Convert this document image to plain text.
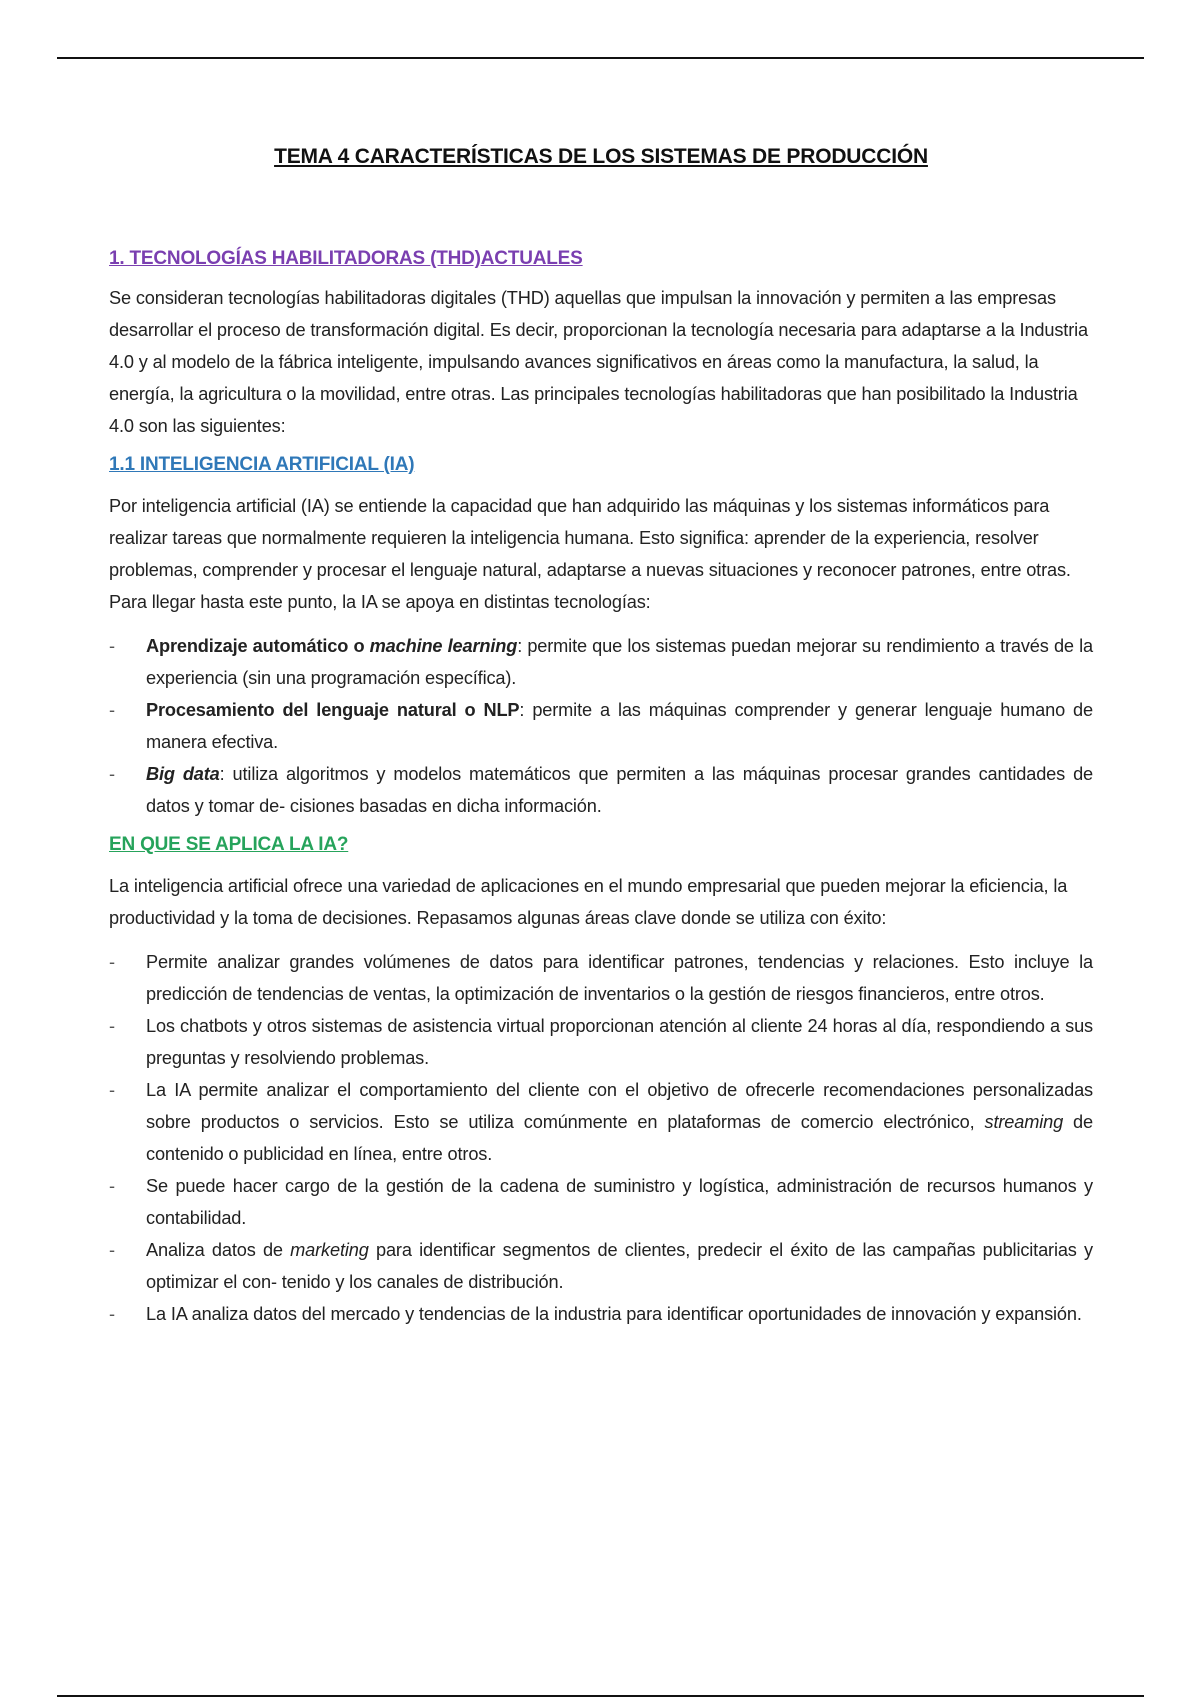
TEMA 4 CARACTERÍSTICAS DE LOS SISTEMAS DE PRODUCCIÓN
1. TECNOLOGÍAS HABILITADORAS (THD)ACTUALES

Se consideran tecnologías habilitadoras digitales (THD) aquellas que impulsan la innovación y permiten a las empresas desarrollar el proceso de transformación digital. Es decir, proporcionan la tecnología necesaria para adaptarse a la Industria 4.0 y al modelo de la fábrica inteligente, impulsando avances significativos en áreas como la manufactura, la salud, la energía, la agricultura o la movilidad, entre otras. Las principales tecnologías habilitadoras que han posibilitado la Industria 4.0 son las siguientes:

1.1 INTELIGENCIA ARTIFICIAL (IA)

Por inteligencia artificial (IA) se entiende la capacidad que han adquirido las máquinas y los sistemas informáticos para realizar tareas que normalmente requieren la inteligencia humana. Esto significa: aprender de la experiencia, resolver problemas, comprender y procesar el lenguaje natural, adaptarse a nuevas situaciones y reconocer patrones, entre otras. Para llegar hasta este punto, la IA se apoya en distintas tecnologías:

- Aprendizaje automático o machine learning: permite que los sistemas puedan mejorar su rendimiento a través de la experiencia (sin una programación específica).
- Procesamiento del lenguaje natural o NLP: permite a las máquinas comprender y generar lenguaje humano de manera efectiva.
- Big data: utiliza algoritmos y modelos matemáticos que permiten a las máquinas procesar grandes cantidades de datos y tomar de- cisiones basadas en dicha información.
EN QUE SE APLICA LA IA?

La inteligencia artificial ofrece una variedad de aplicaciones en el mundo empresarial que pueden mejorar la eficiencia, la productividad y la toma de decisiones. Repasamos algunas áreas clave donde se utiliza con éxito:

- Permite analizar grandes volúmenes de datos para identificar patrones, tendencias y relaciones. Esto incluye la predicción de tendencias de ventas, la optimización de inventarios o la gestión de riesgos financieros, entre otros.
- Los chatbots y otros sistemas de asistencia virtual proporcionan atención al cliente 24 horas al día, respondiendo a sus preguntas y resolviendo problemas.
- La IA permite analizar el comportamiento del cliente con el objetivo de ofrecerle recomendaciones personalizadas sobre productos o servicios. Esto se utiliza comúnmente en plataformas de comercio electrónico, streaming de contenido o publicidad en línea, entre otros.
- Se puede hacer cargo de la gestión de la cadena de suministro y logística, administración de recursos humanos y contabilidad.
- Analiza datos de marketing para identificar segmentos de clientes, predecir el éxito de las campañas publicitarias y optimizar el con- tenido y los canales de distribución.
- La IA analiza datos del mercado y tendencias de la industria para identificar oportunidades de innovación y expansión.
